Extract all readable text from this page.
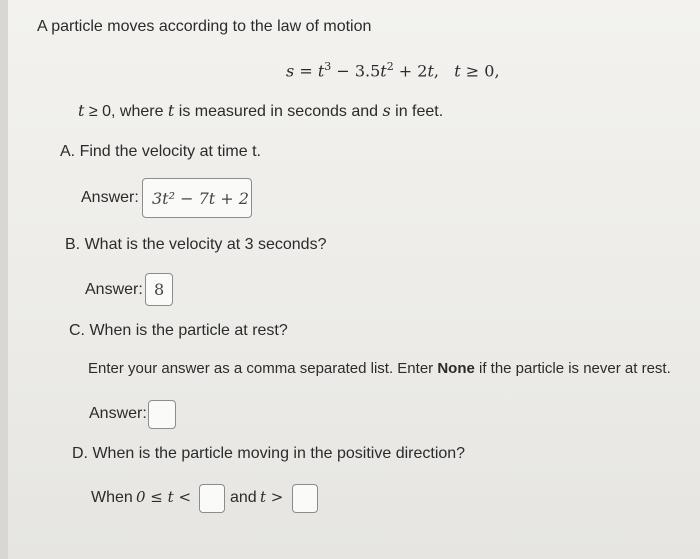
A particle moves according to the law of motion
$s = t^3 - 3.5t^2 + 2t$,   t ≥ 0,
t ≥ 0, where t is measured in seconds and s in feet.
A. Find the velocity at time t.
Answer: 3t² − 7t + 2
B. What is the velocity at 3 seconds?
Answer: 8
C. When is the particle at rest?
Enter your answer as a comma separated list. Enter None if the particle is never at rest.
Answer:
D. When is the particle moving in the positive direction?
When 0 ≤ t < and t >
